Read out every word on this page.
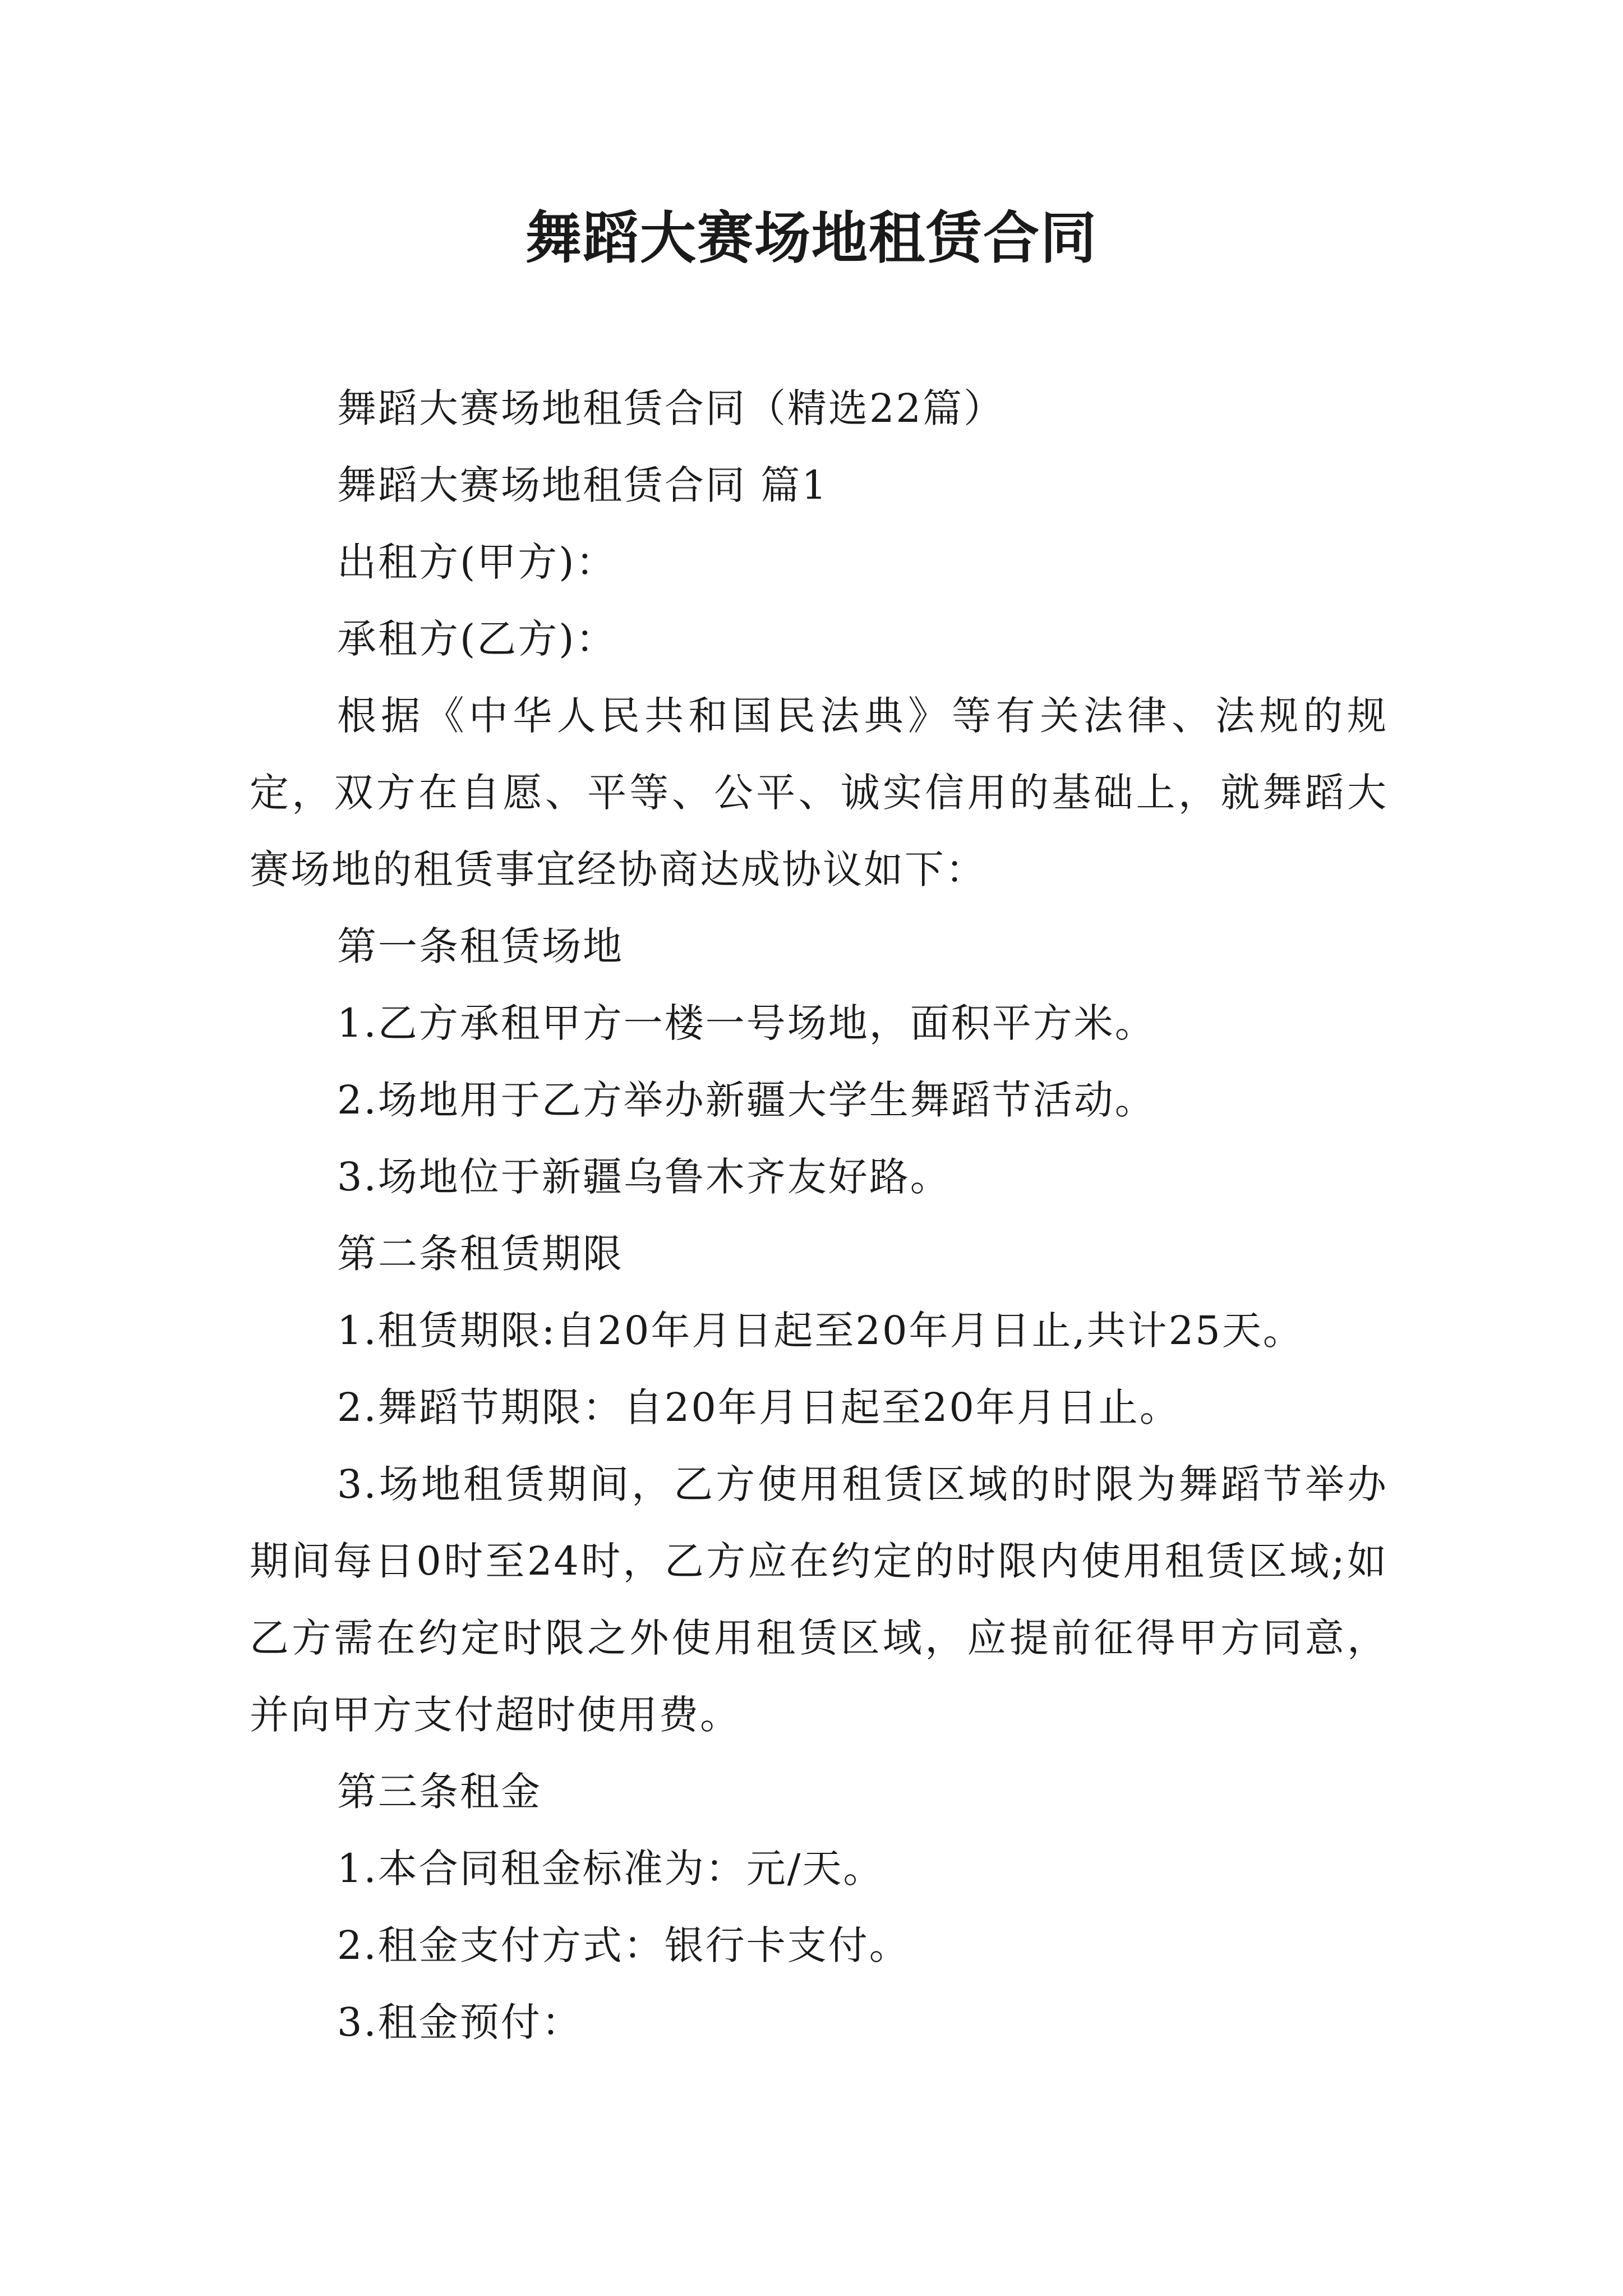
舞蹈大赛场地租赁合同

舞蹈大赛场地租赁合同（精选22篇）

舞蹈大赛场地租赁合同 篇1

出租方(甲方)：

承租方(乙方)：

根据《中华人民共和国民法典》等有关法律、法规的规定，双方在自愿、平等、公平、诚实信用的基础上，就舞蹈大赛场地的租赁事宜经协商达成协议如下：

第一条租赁场地

1.乙方承租甲方一楼一号场地，面积平方米。

2.场地用于乙方举办新疆大学生舞蹈节活动。

3.场地位于新疆乌鲁木齐友好路。

第二条租赁期限

1.租赁期限:自20年月日起至20年月日止,共计25天。

2.舞蹈节期限：自20年月日起至20年月日止。

3.场地租赁期间，乙方使用租赁区域的时限为舞蹈节举办期间每日0时至24时，乙方应在约定的时限内使用租赁区域;如乙方需在约定时限之外使用租赁区域，应提前征得甲方同意，并向甲方支付超时使用费。

第三条租金

1.本合同租金标准为：元/天。

2.租金支付方式：银行卡支付。

3.租金预付：
